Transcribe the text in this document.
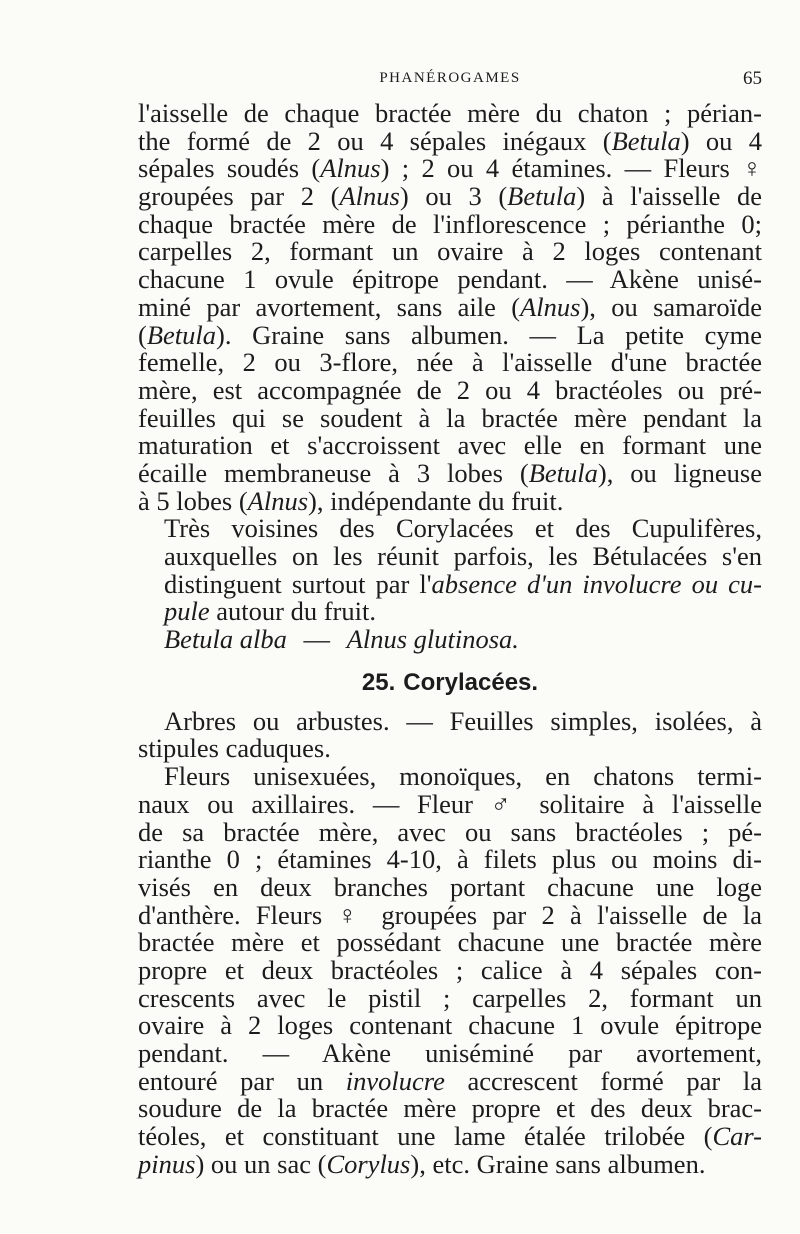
PHANÉROGAMES	65

l'aisselle de chaque bractée mère du chaton ; périan-
the formé de 2 ou 4 sépales inégaux (Betula) ou 4
sépales soudés (Alnus) ; 2 ou 4 étamines. — Fleurs ♀
groupées par 2 (Alnus) ou 3 (Betula) à l'aisselle de
chaque bractée mère de l'inflorescence ; périanthe 0;
carpelles 2, formant un ovaire à 2 loges contenant
chacune 1 ovule épitrope pendant. — Akène unisé-
miné par avortement, sans aile (Alnus), ou samaroïde
(Betula). Graine sans albumen. — La petite cyme
femelle, 2 ou 3-flore, née à l'aisselle d'une bractée
mère, est accompagnée de 2 ou 4 bractéoles ou pré-
feuilles qui se soudent à la bractée mère pendant la
maturation et s'accroissent avec elle en formant une
écaille membraneuse à 3 lobes (Betula), ou ligneuse
à 5 lobes (Alnus), indépendante du fruit.

Très voisines des Corylacées et des Cupulifères,
auxquelles on les réunit parfois, les Bétulacées s'en
distinguent surtout par l'absence d'un involucre ou cu-
pule autour du fruit.

Betula alba — Alnus glutinosa.

25. Corylacées.

Arbres ou arbustes. — Feuilles simples, isolées, à
stipules caduques.

Fleurs unisexuées, monoïques, en chatons termi-
naux ou axillaires. — Fleur ♂ solitaire à l'aisselle
de sa bractée mère, avec ou sans bractéoles ; pé-
rianthe 0 ; étamines 4-10, à filets plus ou moins di-
visés en deux branches portant chacune une loge
d'anthère. Fleurs ♀ groupées par 2 à l'aisselle de la
bractée mère et possédant chacune une bractée mère
propre et deux bractéoles ; calice à 4 sépales con-
crescents avec le pistil ; carpelles 2, formant un
ovaire à 2 loges contenant chacune 1 ovule épitrope
pendant. — Akène uniséminé par avortement,
entouré par un involucre accrescent formé par la
soudure de la bractée mère propre et des deux brac-
téoles, et constituant une lame étalée trilobée (Car-
pinus) ou un sac (Corylus), etc. Graine sans albumen.
